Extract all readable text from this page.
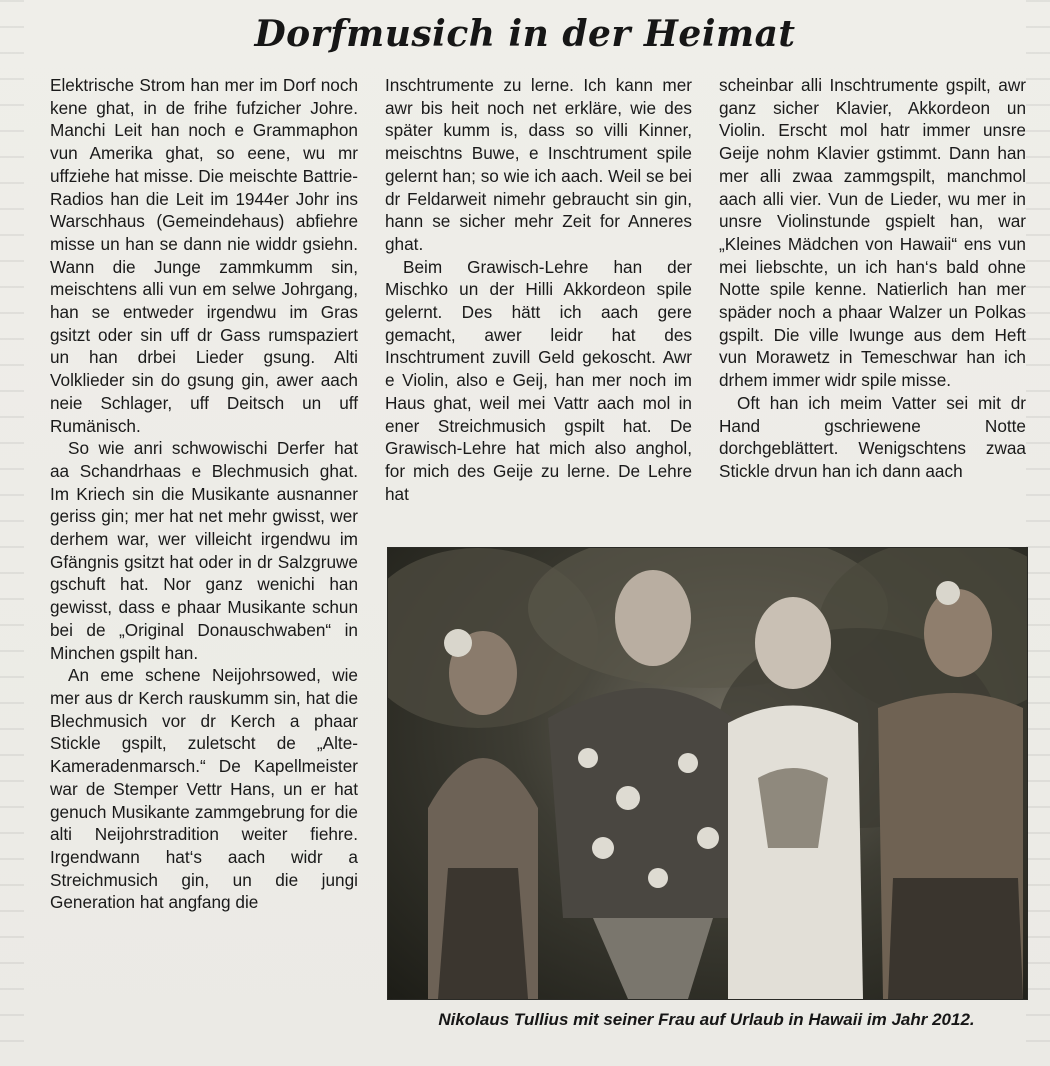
Dorfmusich in der Heimat

Elektrische Strom han mer im Dorf noch kene ghat, in de frihe fufzicher Johre. Manchi Leit han noch e Grammaphon vun Amerika ghat, so eene, wu mr uffziehe hat misse. Die meischte Battrie-Radios han die Leit im 1944er Johr ins Warschhaus (Gemeindehaus) abfiehre misse un han se dann nie widdr gsiehn. Wann die Junge zammkumm sin, meischtens alli vun em selwe Johrgang, han se entweder irgendwu im Gras gsitzt oder sin uff dr Gass rumspaziert un han drbei Lieder gsung. Alti Volklieder sin do gsung gin, awer aach neie Schlager, uff Deitsch un uff Rumänisch.

So wie anri schwowischi Derfer hat aa Schandrhaas e Blechmusich ghat. Im Kriech sin die Musikante ausnanner geriss gin; mer hat net mehr gwisst, wer derhem war, wer villeicht irgendwu im Gfängnis gsitzt hat oder in dr Salzgruwe gschuft hat. Nor ganz wenichi han gewisst, dass e phaar Musikante schun bei de „Original Donauschwaben“ in Minchen gspilt han.

An eme schene Neijohrsowed, wie mer aus dr Kerch rauskumm sin, hat die Blechmusich vor dr Kerch a phaar Stickle gspilt, zuletscht de „Alte-Kameradenmarsch.“ De Kapellmeister war de Stemper Vettr Hans, un er hat genuch Musikante zammgebrung for die alti Neijohrstradition weiter fiehre. Irgendwann hat‘s aach widr a Streichmusich gin, un die jungi Generation hat angfang die

Inschtrumente zu lerne. Ich kann mer awr bis heit noch net erkläre, wie des später kumm is, dass so villi Kinner, meischtns Buwe, e Inschtrument spile gelernt han; so wie ich aach. Weil se bei dr Feldarweit nimehr gebraucht sin gin, hann se sicher mehr Zeit for Anneres ghat.

Beim Grawisch-Lehre han der Mischko un der Hilli Akkordeon spile gelernt. Des hätt ich aach gere gemacht, awer leidr hat des Inschtrument zuvill Geld gekoscht. Awr e Violin, also e Geij, han mer noch im Haus ghat, weil mei Vattr aach mol in ener Streichmusich gspilt hat. De Grawisch-Lehre hat mich also anghol, for mich des Geije zu lerne. De Lehre hat

scheinbar alli Inschtrumente gspilt, awr ganz sicher Klavier, Akkordeon un Violin. Erscht mol hatr immer unsre Geije nohm Klavier gstimmt. Dann han mer alli zwaa zammgspilt, manchmol aach alli vier. Vun de Lieder, wu mer in unsre Violinstunde gspielt han, war „Kleines Mädchen von Hawaii“ ens vun mei liebschte, un ich han‘s bald ohne Notte spile kenne. Natierlich han mer späder noch a phaar Walzer un Polkas gspilt. Die ville Iwunge aus dem Heft vun Morawetz in Temeschwar han ich drhem immer widr spile misse.

Oft han ich meim Vatter sei mit dr Hand gschriewene Notte dorchgeblättert. Wenigschtens zwaa Stickle drvun han ich dann aach

Nikolaus Tullius mit seiner Frau auf Urlaub in Hawaii im Jahr 2012.
